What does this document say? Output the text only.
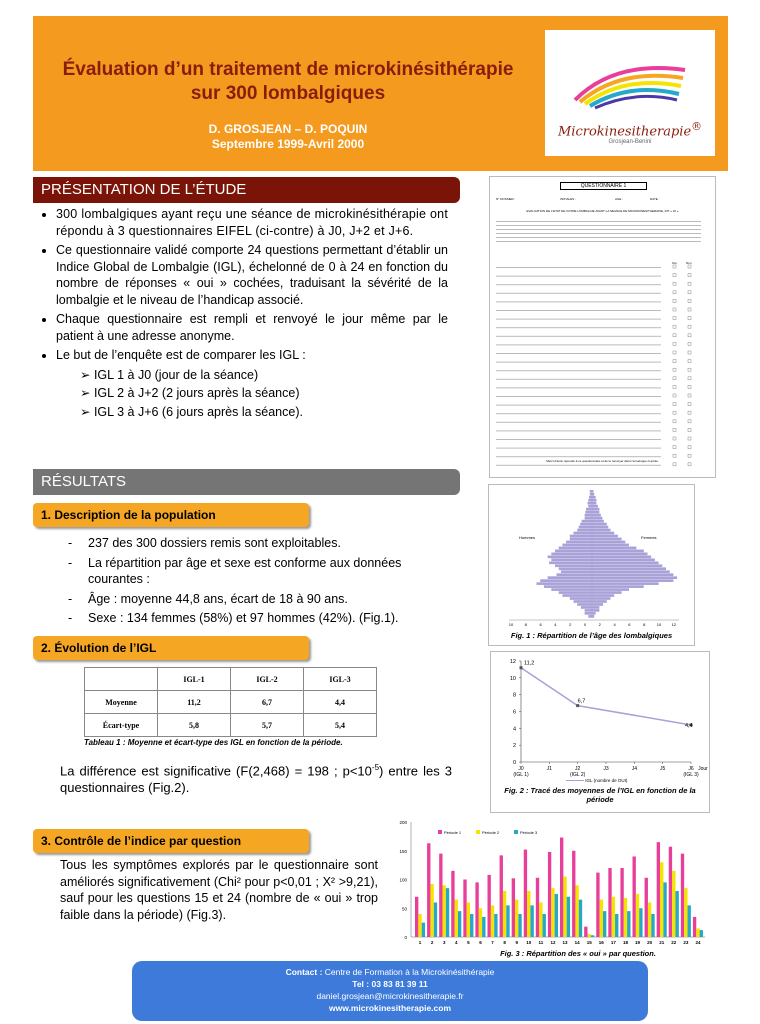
Évaluation d’un traitement de microkinésithérapie
sur 300 lombalgiques
D. GROSJEAN – D. POQUIN
Septembre 1999-Avril 2000
Microkinesitherapie®
Grosjean-Benini
PRÉSENTATION DE L’ÉTUDE
• 300 lombalgiques ayant reçu une séance de microkinésithérapie ont répondu à 3 questionnaires EIFEL (ci-contre) à J0, J+2 et J+6.
• Ce questionnaire validé comporte 24 questions permettant d’établir un Indice Global de Lombalgie (IGL), échelonné de 0 à 24 en fonction du nombre de réponses « oui » cochées, traduisant la sévérité de la lombalgie et le niveau de l’handicap associé.
• Chaque questionnaire est rempli et renvoyé le jour même par le patient à une adresse anonyme.
• Le but de l’enquête est de comparer les IGL :
➢ IGL 1 à J0 (jour de la séance)
➢ IGL 2 à J+2 (2 jours après la séance)
➢ IGL 3 à J+6 (6 jours après la séance).
QUESTIONNAIRE 1
N° DOSSIER :	INITIALES :	AGE :	DATE :
EVALUATION DE L'ETAT DE VOTRE LOMBALGIE AVANT LA SEANCE DE MICROKINESITHERAPIE, DIT « J0 »
Oui	Non
Merci d'avoir répondu à ce questionnaire et de le renvoyer dans l'enveloppe ci-jointe.
RÉSULTATS
1. Description de la population
- 237 des 300 dossiers remis sont exploitables.
- La répartition par âge et sexe est conforme aux données courantes :
- Âge : moyenne 44,8 ans, écart de 18 à 90 ans.
- Sexe : 134 femmes (58%) et 97 hommes (42%). (Fig.1).
2. Évolution de l’IGL
	IGL-1	IGL-2	IGL-3
Moyenne	11,2	6,7	4,4
Écart-type	5,8	5,7	5,4
Tableau 1 : Moyenne et écart-type des IGL en fonction de la période.
La différence est significative (F(2,468) = 198 ; $p<10^{-5}$) entre les 3 questionnaires (Fig.2).
3. Contrôle de l’indice par question
Tous les symptômes explorés par le questionnaire sont améliorés significativement (Chi² pour p<0,01 ; X² >9,21), sauf pour les questions 15 et 24 (nombre de « oui » trop faible dans la période) (Fig.3).
10	8	6	4	2	0	2	4	6	8	10	12
Hommes	Femmes
Fig. 1 : Répartition de l’âge des lombalgiques
0
2
4
6
8
10
12
J0
(IGL 1)
J1	J2
(IGL 2)
J3	J4	J5	J6
(IGL 3)
Jour
11,2
6,7
4,4
IGL (nombre de OUI)
Fig. 2 : Tracé des moyennes de l’IGL en fonction de la période
0
50
100
150
200
1 2 3 4 5 6 7 8 9 10 11 12 13 14 15 16 17 18 19 20 21 22 23 24
Période 1	Période 2	Période 3
Fig. 3 : Répartition des « oui » par question.
Contact : Centre de Formation à la Microkinésithérapie
Tel : 03 83 81 39 11
daniel.grosjean@microkinesitherapie.fr
www.microkinesitherapie.com
